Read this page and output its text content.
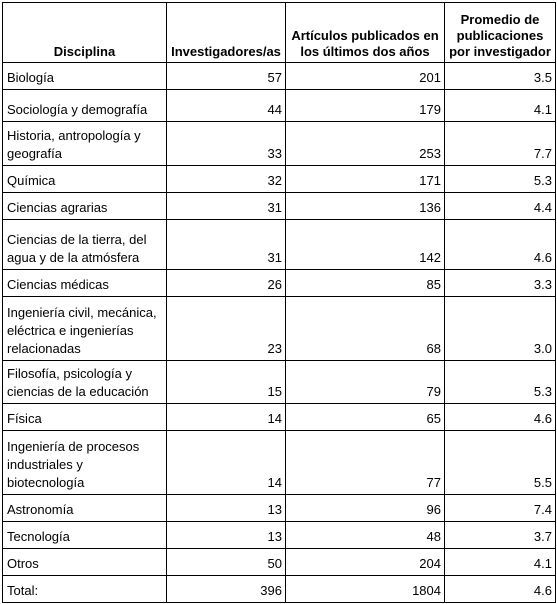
Disciplina	Investigadores/as	Artículos publicados en los últimos dos años	Promedio de publicaciones por investigador
Biología	57	201	3.5
Sociología y demografía	44	179	4.1
Historia, antropología y geografía	33	253	7.7
Química	32	171	5.3
Ciencias agrarias	31	136	4.4
Ciencias de la tierra, del agua y de la atmósfera	31	142	4.6
Ciencias médicas	26	85	3.3
Ingeniería civil, mecánica, eléctrica e ingenierías relacionadas	23	68	3.0
Filosofía, psicología y ciencias de la educación	15	79	5.3
Física	14	65	4.6
Ingeniería de procesos industriales y biotecnología	14	77	5.5
Astronomía	13	96	7.4
Tecnología	13	48	3.7
Otros	50	204	4.1
Total:	396	1804	4.6
